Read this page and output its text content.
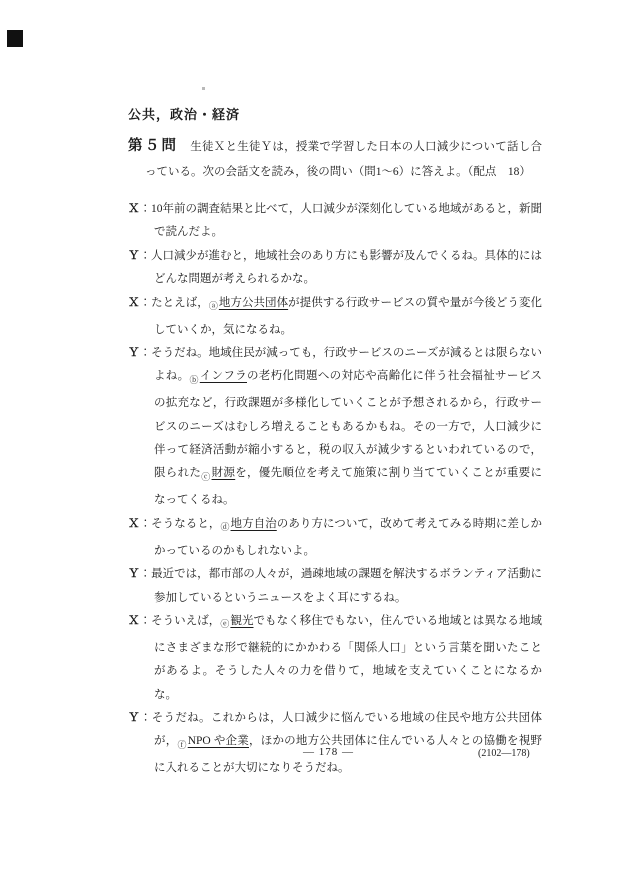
公共，政治・経済

第５問 生徒Ｘと生徒Ｙは，授業で学習した日本の人口減少について話し合っている。次の会話文を読み，後の問い（問1～6）に答えよ。（配点　18）

Ｘ：10年前の調査結果と比べて，人口減少が深刻化している地域があると，新聞で読んだよ。

Ｙ：人口減少が進むと，地域社会のあり方にも影響が及んでくるね。具体的にはどんな問題が考えられるかな。

Ｘ：たとえば，$_ⓐ$地方公共団体が提供する行政サービスの質や量が今後どう変化していくか，気になるね。

Ｙ：そうだね。地域住民が減っても，行政サービスのニーズが減るとは限らないよね。$_ⓑ$インフラの老朽化問題への対応や高齢化に伴う社会福祉サービスの拡充など，行政課題が多様化していくことが予想されるから，行政サービスのニーズはむしろ増えることもあるかもね。その一方で，人口減少に伴って経済活動が縮小すると，税の収入が減少するといわれているので，限られた$_ⓒ$財源を，優先順位を考えて施策に割り当てていくことが重要になってくるね。

Ｘ：そうなると，$_ⓓ$地方自治のあり方について，改めて考えてみる時期に差しかかっているのかもしれないよ。

Ｙ：最近では，都市部の人々が，過疎地域の課題を解決するボランティア活動に参加しているというニュースをよく耳にするね。

Ｘ：そういえば，$_ⓔ$観光でもなく移住でもない，住んでいる地域とは異なる地域にさまざまな形で継続的にかかわる「関係人口」という言葉を聞いたことがあるよ。そうした人々の力を借りて，地域を支えていくことになるかな。

Ｙ：そうだね。これからは，人口減少に悩んでいる地域の住民や地方公共団体が，$_ⓕ$NPO や企業，ほかの地方公共団体に住んでいる人々との協働を視野に入れることが大切になりそうだね。

— 178 —	(2102—178)
